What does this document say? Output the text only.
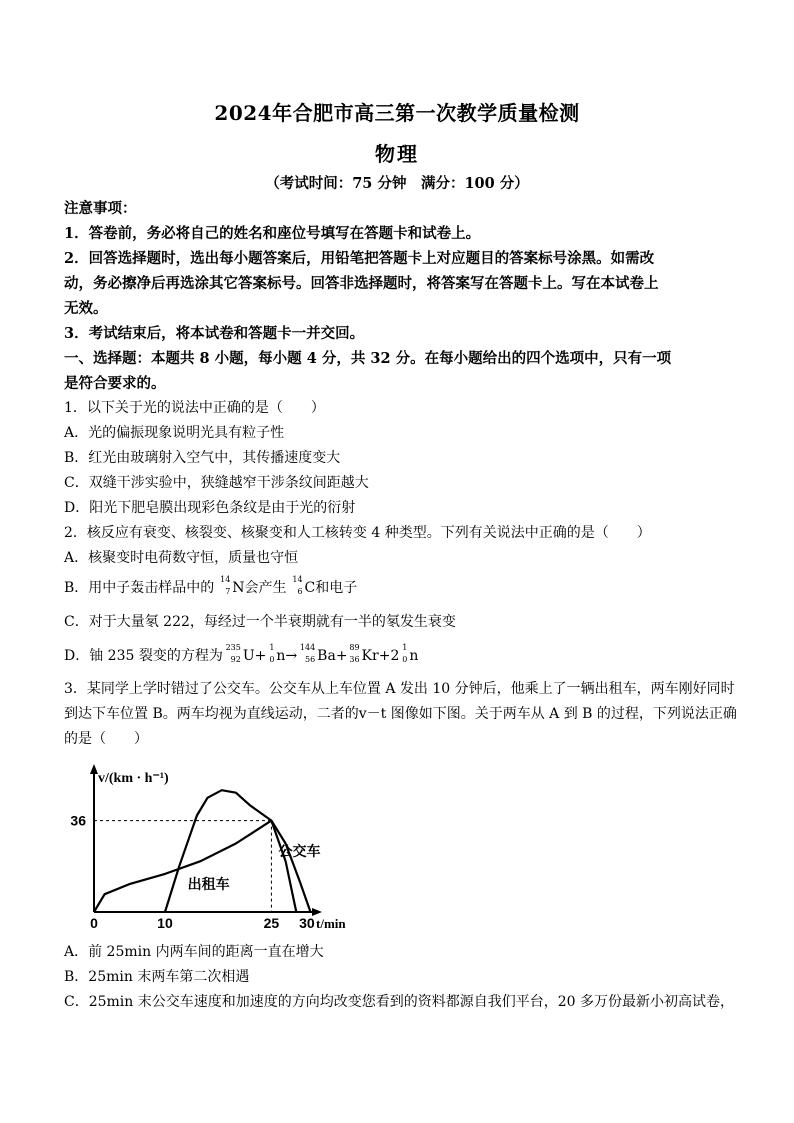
2024年合肥市高三第一次教学质量检测
物理
（考试时间：75 分钟　满分：100 分）
注意事项：
1．答卷前，务必将自己的姓名和座位号填写在答题卡和试卷上。
2．回答选择题时，选出每小题答案后，用铅笔把答题卡上对应题目的答案标号涂黑。如需改
动，务必擦净后再选涂其它答案标号。回答非选择题时，将答案写在答题卡上。写在本试卷上
无效。
3．考试结束后，将本试卷和答题卡一并交回。
一、选择题：本题共 8 小题，每小题 4 分，共 32 分。在每小题给出的四个选项中，只有一项
是符合要求的。
1．以下关于光的说法中正确的是（　　）
A．光的偏振现象说明光具有粒子性
B．红光由玻璃射入空气中，其传播速度变大
C．双缝干涉实验中，狭缝越窄干涉条纹间距越大
D．阳光下肥皂膜出现彩色条纹是由于光的衍射
2．核反应有衰变、核裂变、核聚变和人工核转变 4 种类型。下列有关说法中正确的是（　　）
A．核聚变时电荷数守恒，质量也守恒
B．用中子轰击样品中的
14
7 N会产生
14
6 C和电子
C．对于大量氡 222，每经过一个半衰期就有一半的氡发生衰变
D．铀 235 裂变的方程为
235
92 U+
1
0 n→
144
56 Ba+
89
36 Kr+2
1
0 n
3．某同学上学时错过了公交车。公交车从上车位置 A 发出 10 分钟后，他乘上了一辆出租车，两车刚好同时
到达下车位置 B。两车均视为直线运动，二者的v－t 图像如下图。关于两车从 A 到 B 的过程，下列说法正确
的是（　　）
0	10	25 30
36
v/(km · h⁻¹)
t/min
公交车
出租车
A．前 25min 内两车间的距离一直在增大
B．25min 末两车第二次相遇
C．25min 末公交车速度和加速度的方向均改变您看到的资料都源自我们平台，20 多万份最新小初高试卷，
